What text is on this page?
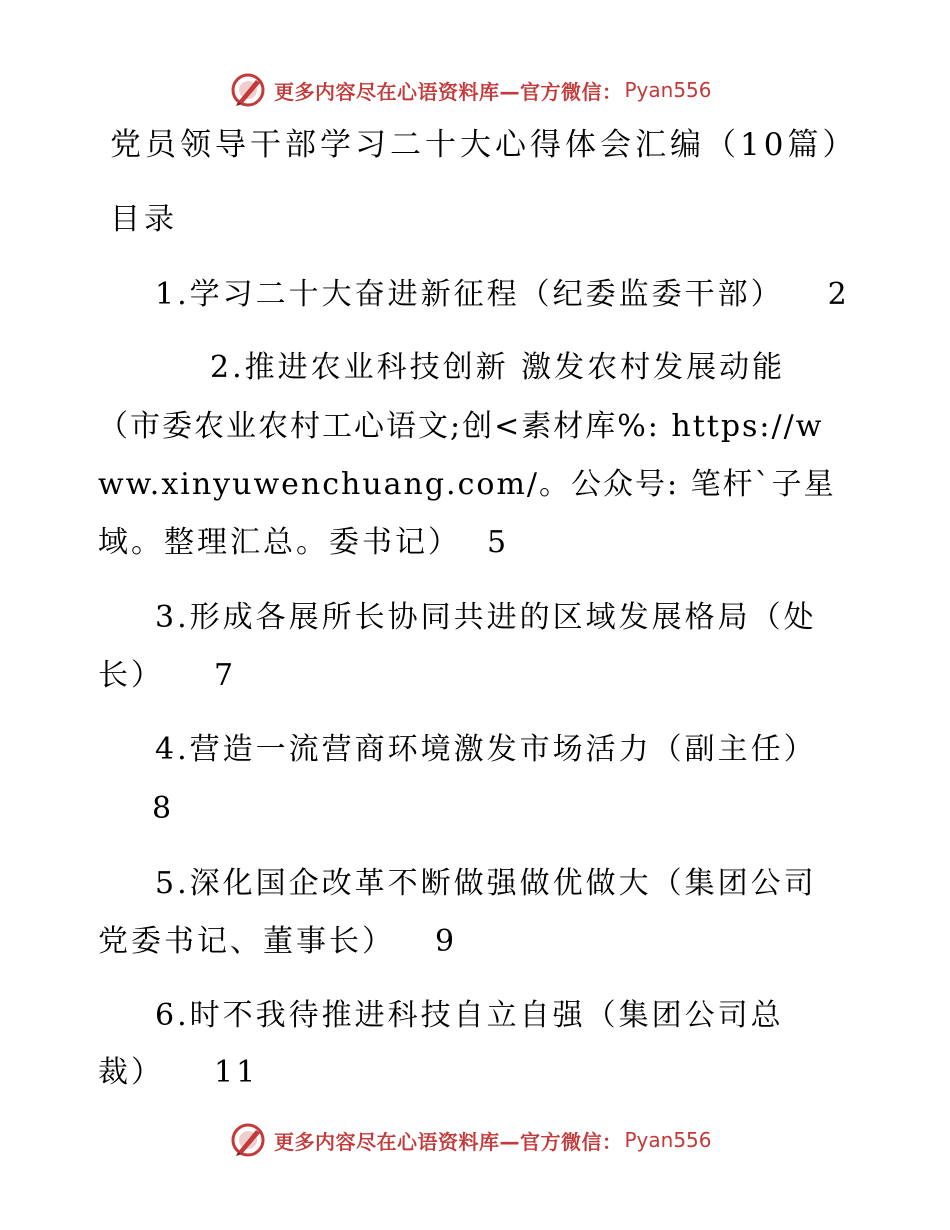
更多内容尽在心语资料库—官方微信： Pyan556
党员领导干部学习二十大心得体会汇编（10篇）
目录
1.学习二十大奋进新征程（纪委监委干部） 2
2.推进农业科技创新 激发农村发展动能
（市委农业农村工心语文;创<素材库%: https://w
ww.xinyuwenchuang.com/。公众号: 笔杆`子星
域。整理汇总。委书记） 5
3.形成各展所长协同共进的区域发展格局（处
长） 7
4.营造一流营商环境激发市场活力（副主任）
8
5.深化国企改革不断做强做优做大（集团公司
党委书记、董事长） 9
6.时不我待推进科技自立自强（集团公司总
裁） 11
更多内容尽在心语资料库—官方微信： Pyan556
